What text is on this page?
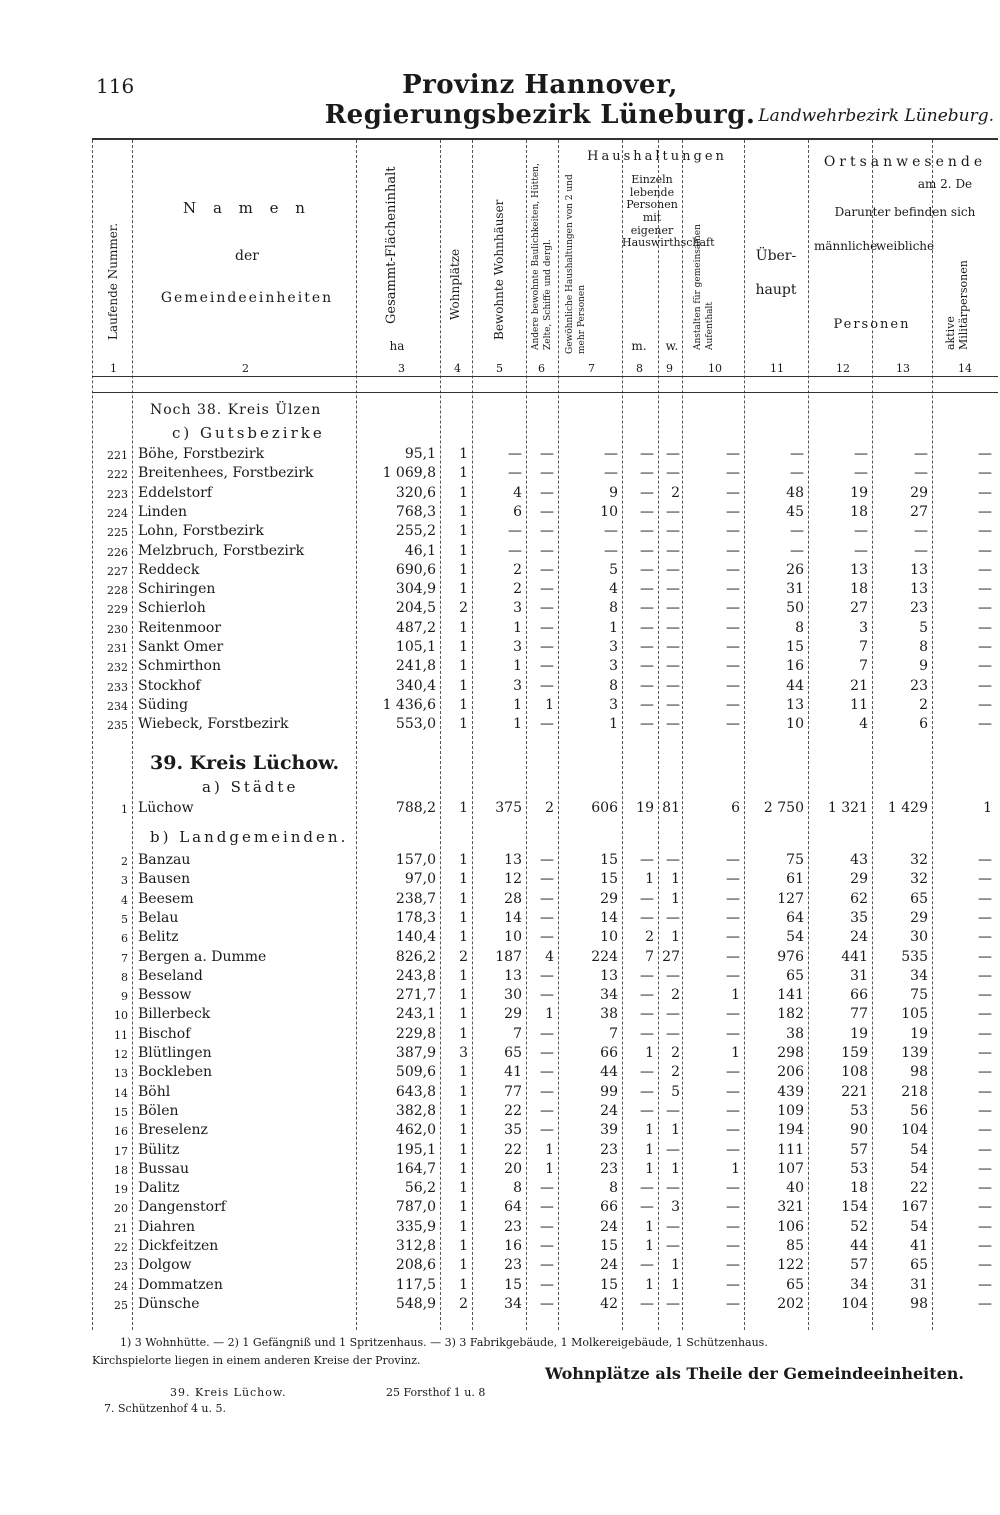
116	Provinz Hannover, Regierungsbezirk Lüneburg. Landwehrbezirk Lüneburg.
Laufende Nummer.
N a m e n
der
Gemeindeeinheiten	Gesammt-Flächeninhalt
ha
Wohnplätze	Bewohnte Wohnhäuser	Andere bewohnte Baulichkeiten, Hütten, Zelte, Schiffe und dergl.
Haushaltungen
Gewöhnliche Haushaltungen von 2 und mehr Personen
Einzeln lebende Personen mit eigener Hauswirthschaft
m.	w.	Anstalten für gemeinsamen Aufenthalt
Ortsanwesende
am 2. De
Über-
haupt
Darunter befinden sich
männliche
weibliche
Personen	aktive Militärpersonen
1	2	3	4	5	6	7	8 9	10	11	12	13	14
Noch 38. Kreis Ülzen
c) Gutsbezirke
39. Kreis Lüchow.
a) Städte
b) Landgemeinden.
221 Böhe, Forstbezirk	95,1	1	—	—	—	— —	—	—	—	—	—
222 Breitenhees, Forstbezirk	1 069,8	1	—	—	—	— —	—	—	—	—	—
223 Eddelstorf	320,6	1	4	—	9	—	2	—	48	19	29	—
224 Linden	768,3	1	6	—	10	— —	—	45	18	27	—
225 Lohn, Forstbezirk	255,2	1	—	—	—	— —	—	—	—	—	—
226 Melzbruch, Forstbezirk	46,1	1	—	—	—	— —	—	—	—	—	—
227 Reddeck	690,6	1	2	—	5	— —	—	26	13	13	—
228 Schiringen	304,9	1	2	—	4	— —	—	31	18	13	—
229 Schierloh	204,5	2	3	—	8	— —	—	50	27	23	—
230 Reitenmoor	487,2	1	1	—	1	— —	—	8	3	5	—
231 Sankt Omer	105,1	1	3	—	3	— —	—	15	7	8	—
232 Schmirthon	241,8	1	1	—	3	— —	—	16	7	9	—
233 Stockhof	340,4	1	3	—	8	— —	—	44	21	23	—
234 Süding	1 436,6	1	1	1	3	— —	—	13	11	2	—
235 Wiebeck, Forstbezirk	553,0	1	1	—	1	— —	—	10	4	6	—
1 Lüchow	788,2	1	375	2	606	19 81	6	2 750	1 321	1 429	1
2 Banzau	157,0	1	13	—	15	— —	—	75	43	32	—
3 Bausen	97,0	1	12	—	15	1	1	—	61	29	32	—
4 Beesem	238,7	1	28	—	29	—	1	—	127	62	65	—
5 Belau	178,3	1	14	—	14	— —	—	64	35	29	—
6 Belitz	140,4	1	10	—	10	2	1	—	54	24	30	—
7 Bergen a. Dumme	826,2	2	187	4	224	7 27	—	976	441	535	—
8 Beseland	243,8	1	13	—	13	— —	—	65	31	34	—
9 Bessow	271,7	1	30	—	34	—	2	1	141	66	75	—
10 Billerbeck	243,1	1	29	1	38	— —	—	182	77	105	—
11 Bischof	229,8	1	7	—	7	— —	—	38	19	19	—
12 Blütlingen	387,9	3	65	—	66	1	2	1	298	159	139	—
13 Bockleben	509,6	1	41	—	44	—	2	—	206	108	98	—
14 Böhl	643,8	1	77	—	99	—	5	—	439	221	218	—
15 Bölen	382,8	1	22	—	24	— —	—	109	53	56	—
16 Breselenz	462,0	1	35	—	39	1	1	—	194	90	104	—
17 Bülitz	195,1	1	22	1	23	1 —	—	111	57	54	—
18 Bussau	164,7	1	20	1	23	1	1	1	107	53	54	—
19 Dalitz	56,2	1	8	—	8	— —	—	40	18	22	—
20 Dangenstorf	787,0	1	64	—	66	—	3	—	321	154	167	—
21 Diahren	335,9	1	23	—	24	1 —	—	106	52	54	—
22 Dickfeitzen	312,8	1	16	—	15	1 —	—	85	44	41	—
23 Dolgow	208,6	1	23	—	24	—	1	—	122	57	65	—
24 Dommatzen	117,5	1	15	—	15	1	1	—	65	34	31	—
25 Dünsche	548,9	2	34	—	42	— —	—	202	104	98	—
1) 3 Wohnhütte. — 2) 1 Gefängniß und 1 Spritzenhaus. — 3) 3 Fabrikgebäude, 1 Molkereigebäude, 1 Schützenhaus.
Kirchspielorte liegen in einem anderen Kreise der Provinz.
Wohnplätze als Theile der Gemeindeeinheiten.
39. Kreis Lüchow.	25 Forsthof 1 u. 8
7. Schützenhof 4 u. 5.
